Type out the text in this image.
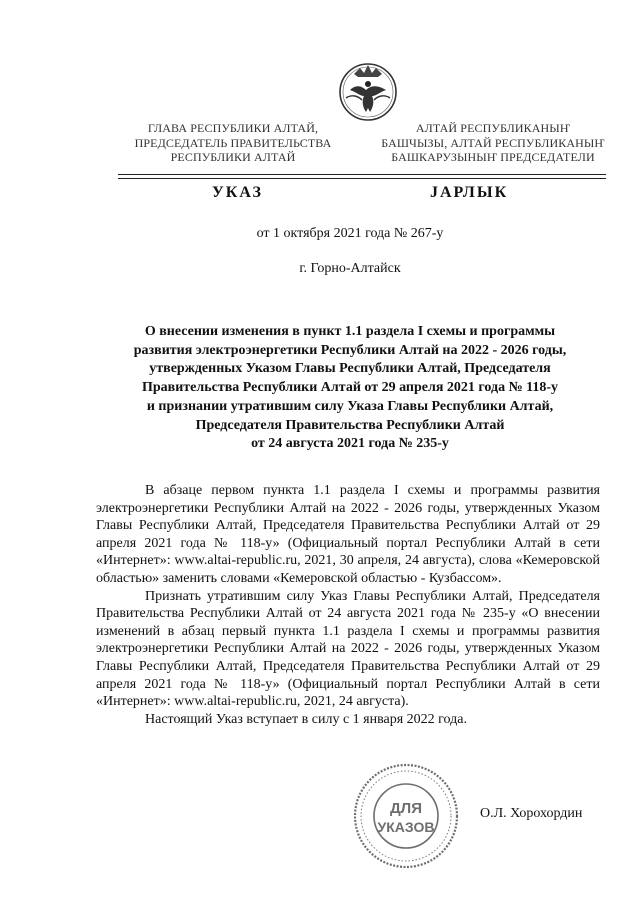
ГЛАВА РЕСПУБЛИКИ АЛТАЙ,
ПРЕДСЕДАТЕЛЬ ПРАВИТЕЛЬСТВА
РЕСПУБЛИКИ АЛТАЙ
АЛТАЙ РЕСПУБЛИКАНЫҤ
БАШЧЫЗЫ, АЛТАЙ РЕСПУБЛИКАНЫҤ
БАШКАРУЗЫНЫҤ ПРЕДСЕДАТЕЛИ
УКАЗ	JАРЛЫК
от 1 октября 2021 года № 267-у
г. Горно-Алтайск
О внесении изменения в пункт 1.1 раздела I схемы и программы
развития электроэнергетики Республики Алтай на 2022 - 2026 годы,
утвержденных Указом Главы Республики Алтай, Председателя
Правительства Республики Алтай от 29 апреля 2021 года № 118-у
и признании утратившим силу Указа Главы Республики Алтай,
Председателя Правительства Республики Алтай
от 24 августа 2021 года № 235-у

В абзаце первом пункта 1.1 раздела I схемы и программы развития электроэнергетики Республики Алтай на 2022 - 2026 годы, утвержденных Указом Главы Республики Алтай, Председателя Правительства Республики Алтай от 29 апреля 2021 года № 118-у» (Официальный портал Республики Алтай в сети «Интернет»: www.altai-republic.ru, 2021, 30 апреля, 24 августа), слова «Кемеровской областью» заменить словами «Кемеровской областью - Кузбассом».

Признать утратившим силу Указ Главы Республики Алтай, Председателя Правительства Республики Алтай от 24 августа 2021 года № 235-у «О внесении изменений в абзац первый пункта 1.1 раздела I схемы и программы развития электроэнергетики Республики Алтай на 2022 - 2026 годы, утвержденных Указом Главы Республики Алтай, Председателя Правительства Республики Алтай от 29 апреля 2021 года № 118-у» (Официальный портал Республики Алтай в сети «Интернет»: www.altai-republic.ru, 2021, 24 августа).

Настоящий Указ вступает в силу с 1 января 2022 года.

ДЛЯ
УКАЗОВ
О.Л. Хорохордин
